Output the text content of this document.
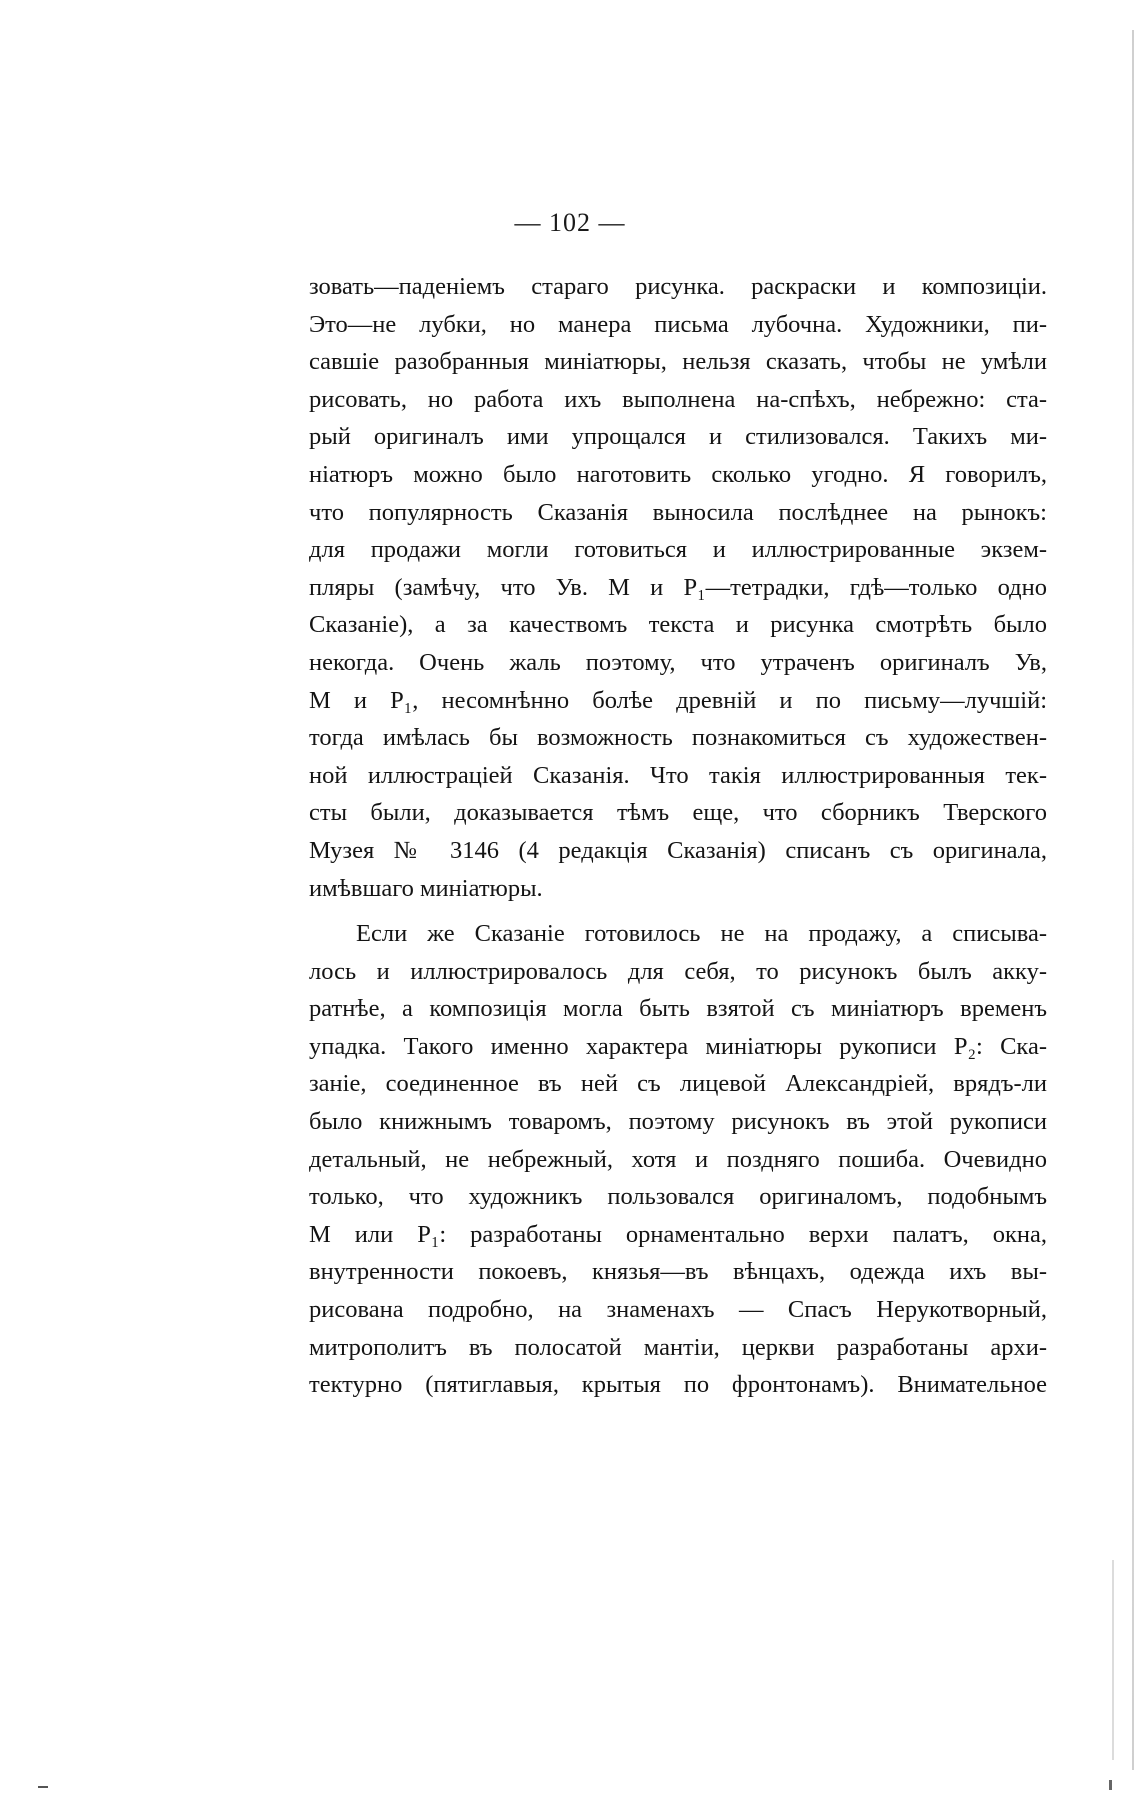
— 102 —
зовать—паденіемъ стараго рисунка. раскраски и композиціи.
Это—не лубки, но манера письма лубочна. Художники, пи-
савшіе разобранныя миніатюры, нельзя сказать, чтобы не умѣли
рисовать, но работа ихъ выполнена на-спѣхъ, небрежно: ста-
рый оригиналъ ими упрощался и стилизовался. Такихъ ми-
ніатюръ можно было наготовить сколько угодно. Я говорилъ,
что популярность Сказанія выносила послѣднее на рынокъ:
для продажи могли готовиться и иллюстрированные экзем-
пляры (замѣчу, что Ув. М и P₁—тетрадки, гдѣ—только одно
Сказаніе), а за качествомъ текста и рисунка смотрѣть было
некогда. Очень жаль поэтому, что утраченъ оригиналъ Ув,
М и P₁, несомнѣнно болѣе древній и по письму—лучшій:
тогда имѣлась бы возможность познакомиться съ художествен-
ной иллюстраціей Сказанія. Что такія иллюстрированныя тек-
сты были, доказывается тѣмъ еще, что сборникъ Тверского
Музея № 3146 (4 редакція Сказанія) списанъ съ оригинала,
имѣвшаго миніатюры.
Если же Сказаніе готовилось не на продажу, а списыва-
лось и иллюстрировалось для себя, то рисунокъ былъ акку-
ратнѣе, а композиція могла быть взятой съ миніатюръ временъ
упадка. Такого именно характера миніатюры рукописи P₂: Ска-
заніе, соединенное въ ней съ лицевой Александріей, врядъ-ли
было книжнымъ товаромъ, поэтому рисунокъ въ этой рукописи
детальный, не небрежный, хотя и поздняго пошиба. Очевидно
только, что художникъ пользовался оригиналомъ, подобнымъ
М или P₁: разработаны орнаментально верхи палатъ, окна,
внутренности покоевъ, князья—въ вѣнцахъ, одежда ихъ вы-
рисована подробно, на знаменахъ — Спасъ Нерукотворный,
митрополитъ въ полосатой мантіи, церкви разработаны архи-
тектурно (пятиглавыя, крытыя по фронтонамъ). Внимательное
